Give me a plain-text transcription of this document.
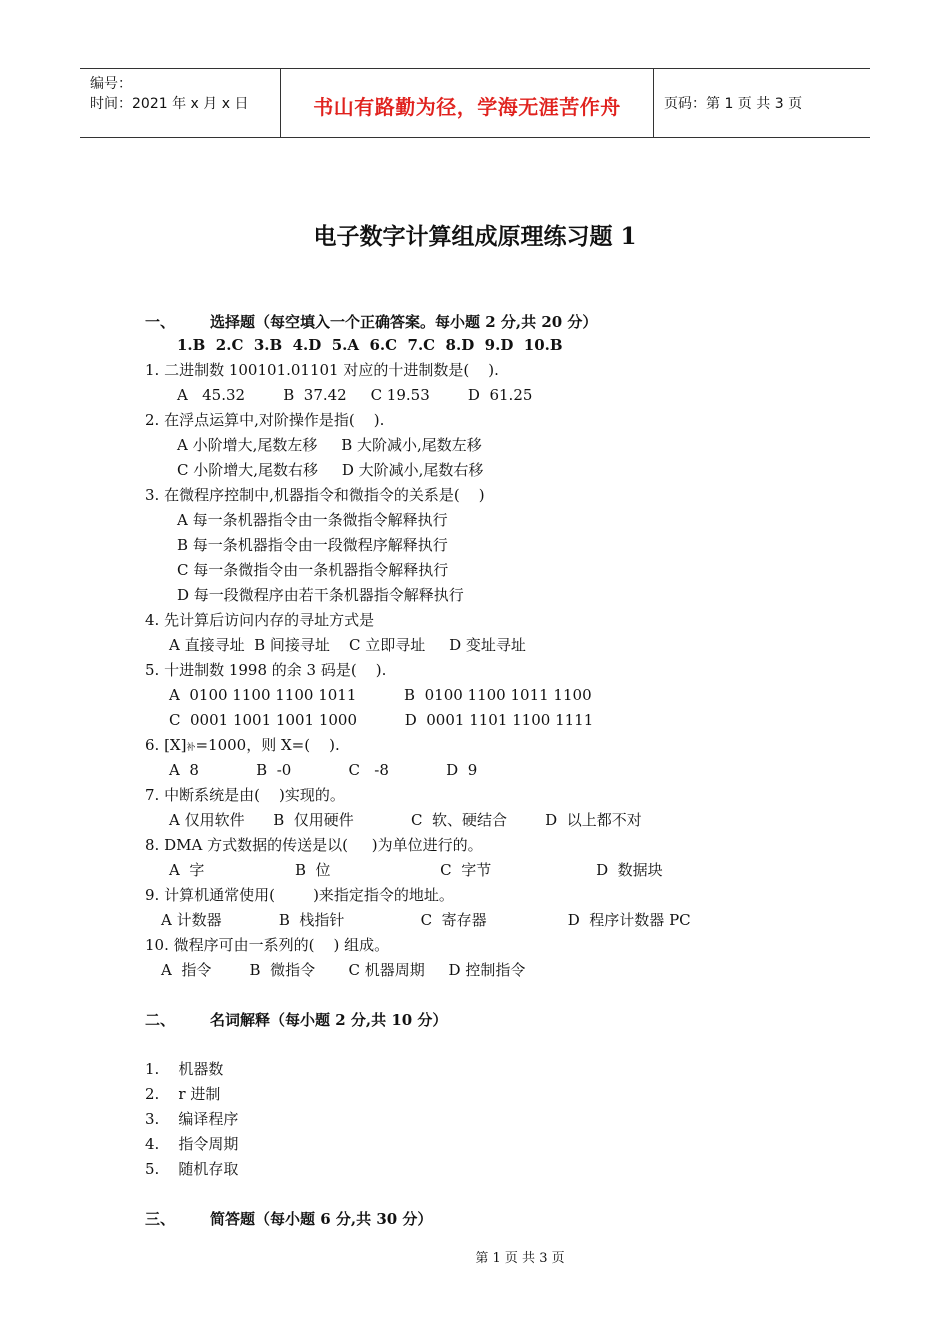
编号：
时间：2021 年 x 月 x 日	书山有路勤为径，学海无涯苦作舟	页码：第 1 页 共 3 页
电子数字计算组成原理练习题 1
一、 选择题（每空填入一个正确答案。每小题 2 分,共 20 分）
1.B  2.C  3.B  4.D  5.A  6.C  7.C  8.D  9.D  10.B
1. 二进制数 100101.01101 对应的十进制数是(    ).
A   45.32        B  37.42     C 19.53        D  61.25
2. 在浮点运算中,对阶操作是指(    ).
A 小阶增大,尾数左移     B 大阶减小,尾数左移
C 小阶增大,尾数右移     D 大阶减小,尾数右移
3. 在微程序控制中,机器指令和微指令的关系是(    )
A 每一条机器指令由一条微指令解释执行
B 每一条机器指令由一段微程序解释执行
C 每一条微指令由一条机器指令解释执行
D 每一段微程序由若干条机器指令解释执行
4. 先计算后访问内存的寻址方式是
A 直接寻址  B 间接寻址    C 立即寻址     D 变址寻址
5. 十进制数 1998 的余 3 码是(    ).
A  0100 1100 1100 1011          B  0100 1100 1011 1100
C  0001 1001 1001 1000          D  0001 1101 1100 1111
6. [X]补=1000，则 X=(    ).
A  8            B  -0            C   -8            D  9
7. 中断系统是由(    )实现的。
A 仅用软件      B  仅用硬件            C  软、硬结合        D  以上都不对
8. DMA 方式数据的传送是以(     )为单位进行的。
A  字                   B  位                       C  字节                      D  数据块
9. 计算机通常使用(        )来指定指令的地址。
A 计数器            B  栈指针                C  寄存器                 D  程序计数器 PC
10. 微程序可由一系列的(    ) 组成。
A  指令        B  微指令       C 机器周期     D 控制指令
二、 名词解释（每小题 2 分,共 10 分）
1.    机器数
2.    r 进制
3.    编译程序
4.    指令周期
5.    随机存取
三、 简答题（每小题 6 分,共 30 分）
第 1 页 共 3 页
